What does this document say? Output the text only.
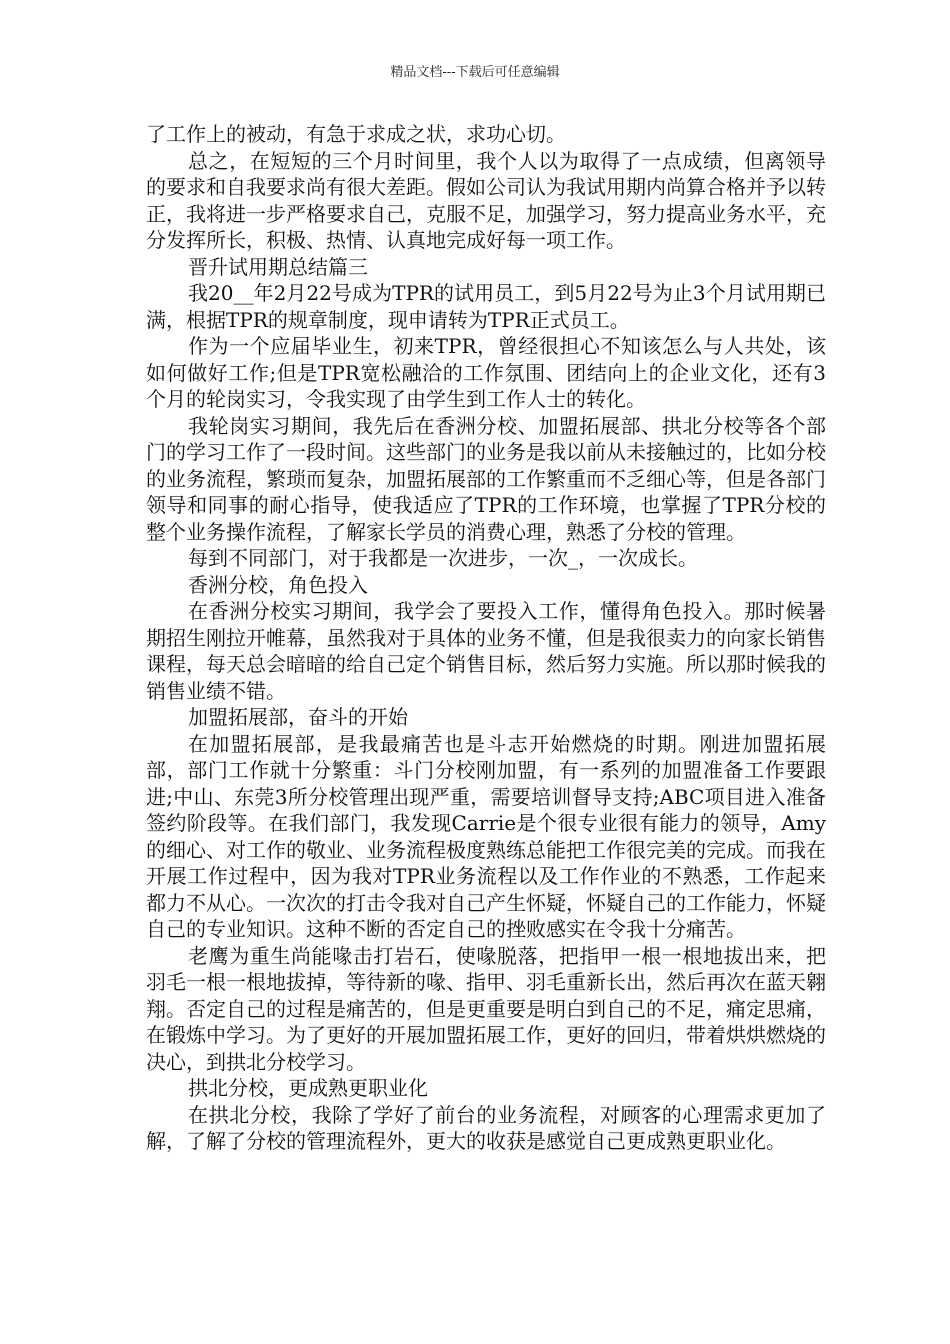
精品文档---下载后可任意编辑

了工作上的被动，有急于求成之状，求功心切。

总之，在短短的三个月时间里，我个人以为取得了一点成绩，但离领导的要求和自我要求尚有很大差距。假如公司认为我试用期内尚算合格并予以转正，我将进一步严格要求自己，克服不足，加强学习，努力提高业务水平，充分发挥所长，积极、热情、认真地完成好每一项工作。

晋升试用期总结篇三

我20__年2月22号成为TPR的试用员工，到5月22号为止3个月试用期已满，根据TPR的规章制度，现申请转为TPR正式员工。

作为一个应届毕业生，初来TPR，曾经很担心不知该怎么与人共处，该如何做好工作;但是TPR宽松融洽的工作氛围、团结向上的企业文化，还有3个月的轮岗实习，令我实现了由学生到工作人士的转化。

我轮岗实习期间，我先后在香洲分校、加盟拓展部、拱北分校等各个部门的学习工作了一段时间。这些部门的业务是我以前从未接触过的，比如分校的业务流程，繁琐而复杂，加盟拓展部的工作繁重而不乏细心等，但是各部门领导和同事的耐心指导，使我适应了TPR的工作环境，也掌握了TPR分校的整个业务操作流程，了解家长学员的消费心理，熟悉了分校的管理。

每到不同部门，对于我都是一次进步，一次_，一次成长。

香洲分校，角色投入

在香洲分校实习期间，我学会了要投入工作，懂得角色投入。那时候暑期招生刚拉开帷幕，虽然我对于具体的业务不懂，但是我很卖力的向家长销售课程，每天总会暗暗的给自己定个销售目标，然后努力实施。所以那时候我的销售业绩不错。

加盟拓展部，奋斗的开始

在加盟拓展部，是我最痛苦也是斗志开始燃烧的时期。刚进加盟拓展部，部门工作就十分繁重：斗门分校刚加盟，有一系列的加盟准备工作要跟进;中山、东莞3所分校管理出现严重，需要培训督导支持;ABC项目进入准备签约阶段等。在我们部门，我发现Carrie是个很专业很有能力的领导，Amy的细心、对工作的敬业、业务流程极度熟练总能把工作很完美的完成。而我在开展工作过程中，因为我对TPR业务流程以及工作作业的不熟悉，工作起来都力不从心。一次次的打击令我对自己产生怀疑，怀疑自己的工作能力，怀疑自己的专业知识。这种不断的否定自己的挫败感实在令我十分痛苦。

老鹰为重生尚能喙击打岩石，使喙脱落，把指甲一根一根地拔出来，把羽毛一根一根地拔掉，等待新的喙、指甲、羽毛重新长出，然后再次在蓝天翱翔。否定自己的过程是痛苦的，但是更重要是明白到自己的不足，痛定思痛，在锻炼中学习。为了更好的开展加盟拓展工作，更好的回归，带着烘烘燃烧的决心，到拱北分校学习。

拱北分校，更成熟更职业化

在拱北分校，我除了学好了前台的业务流程，对顾客的心理需求更加了解，了解了分校的管理流程外，更大的收获是感觉自己更成熟更职业化。
